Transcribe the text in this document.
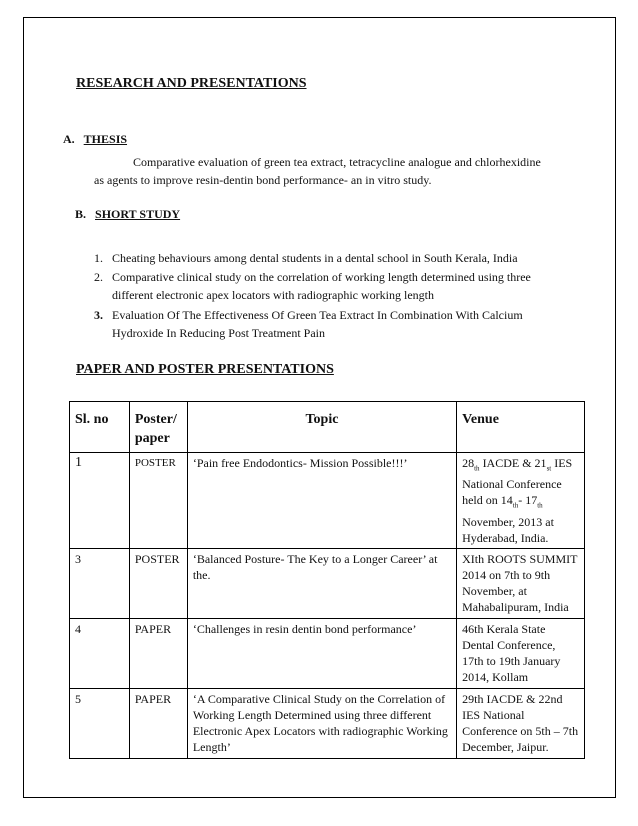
RESEARCH AND PRESENTATIONS
A. THESIS
Comparative evaluation of green tea extract, tetracycline analogue and chlorhexidine
as agents to improve resin-dentin bond performance- an in vitro study.
B. SHORT STUDY
1. Cheating behaviours among dental students in a dental school in South Kerala, India
2. Comparative clinical study on the correlation of working length determined using three
different electronic apex locators with radiographic working length
3. Evaluation Of The Effectiveness Of Green Tea Extract In Combination With Calcium
Hydroxide In Reducing Post Treatment Pain
PAPER AND POSTER PRESENTATIONS
Sl. no	Poster/ paper	Topic	Venue
1	POSTER	‘Pain free Endodontics- Mission Possible!!!’	$28_{th}$ IACDE & $21_{st}$ IES National Conference held on $14_{th}-$ $17_{th}$ November, 2013 at Hyderabad, India.
3	POSTER	‘Balanced Posture- The Key to a Longer Career’ at the.	XIth ROOTS SUMMIT 2014 on 7th to 9th November, at Mahabalipuram, India
4	PAPER	‘Challenges in resin dentin bond performance’	46th Kerala State Dental Conference, 17th to 19th January 2014, Kollam
5	PAPER	‘A Comparative Clinical Study on the Correlation of Working Length Determined using three different Electronic Apex Locators with radiographic Working Length’	29th IACDE & 22nd IES National Conference on 5th – 7th December, Jaipur.
